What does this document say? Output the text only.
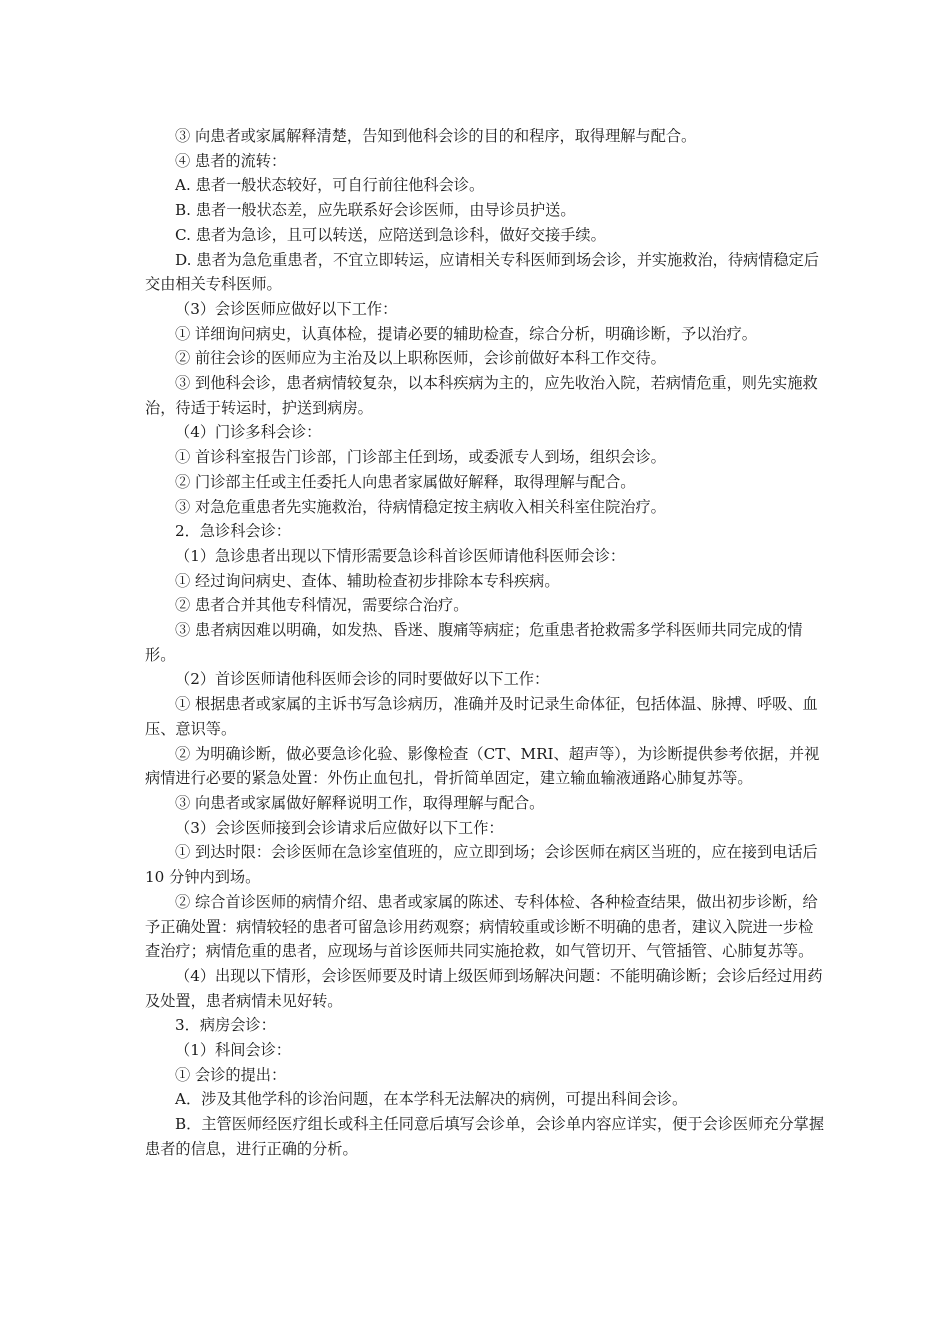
③ 向患者或家属解释清楚，告知到他科会诊的目的和程序，取得理解与配合。

④ 患者的流转：

A. 患者一般状态较好，可自行前往他科会诊。

B. 患者一般状态差，应先联系好会诊医师，由导诊员护送。

C. 患者为急诊，且可以转送，应陪送到急诊科，做好交接手续。

D. 患者为急危重患者，不宜立即转运，应请相关专科医师到场会诊，并实施救治，待病情稳定后交由相关专科医师。

（3）会诊医师应做好以下工作：

① 详细询问病史，认真体检，提请必要的辅助检查，综合分析，明确诊断，予以治疗。

② 前往会诊的医师应为主治及以上职称医师，会诊前做好本科工作交待。

③ 到他科会诊，患者病情较复杂，以本科疾病为主的，应先收治入院，若病情危重，则先实施救治，待适于转运时，护送到病房。

（4）门诊多科会诊：

① 首诊科室报告门诊部，门诊部主任到场，或委派专人到场，组织会诊。

② 门诊部主任或主任委托人向患者家属做好解释，取得理解与配合。

③ 对急危重患者先实施救治，待病情稳定按主病收入相关科室住院治疗。

2．急诊科会诊：

（1）急诊患者出现以下情形需要急诊科首诊医师请他科医师会诊：

① 经过询问病史、查体、辅助检查初步排除本专科疾病。

② 患者合并其他专科情况，需要综合治疗。

③ 患者病因难以明确，如发热、昏迷、腹痛等病症；危重患者抢救需多学科医师共同完成的情形。

（2）首诊医师请他科医师会诊的同时要做好以下工作：

① 根据患者或家属的主诉书写急诊病历，准确并及时记录生命体征，包括体温、脉搏、呼吸、血压、意识等。

② 为明确诊断，做必要急诊化验、影像检查（CT、MRI、超声等），为诊断提供参考依据，并视病情进行必要的紧急处置：外伤止血包扎，骨折简单固定，建立输血输液通路心肺复苏等。

③ 向患者或家属做好解释说明工作，取得理解与配合。

（3）会诊医师接到会诊请求后应做好以下工作：

① 到达时限：会诊医师在急诊室值班的，应立即到场；会诊医师在病区当班的，应在接到电话后 10 分钟内到场。

② 综合首诊医师的病情介绍、患者或家属的陈述、专科体检、各种检查结果，做出初步诊断，给予正确处置：病情较轻的患者可留急诊用药观察；病情较重或诊断不明确的患者，建议入院进一步检查治疗；病情危重的患者，应现场与首诊医师共同实施抢救，如气管切开、气管插管、心肺复苏等。

（4）出现以下情形，会诊医师要及时请上级医师到场解决问题：不能明确诊断；会诊后经过用药及处置，患者病情未见好转。

3．病房会诊：

（1）科间会诊：

① 会诊的提出：

A．涉及其他学科的诊治问题，在本学科无法解决的病例，可提出科间会诊。

B．主管医师经医疗组长或科主任同意后填写会诊单，会诊单内容应详实，便于会诊医师充分掌握患者的信息，进行正确的分析。
